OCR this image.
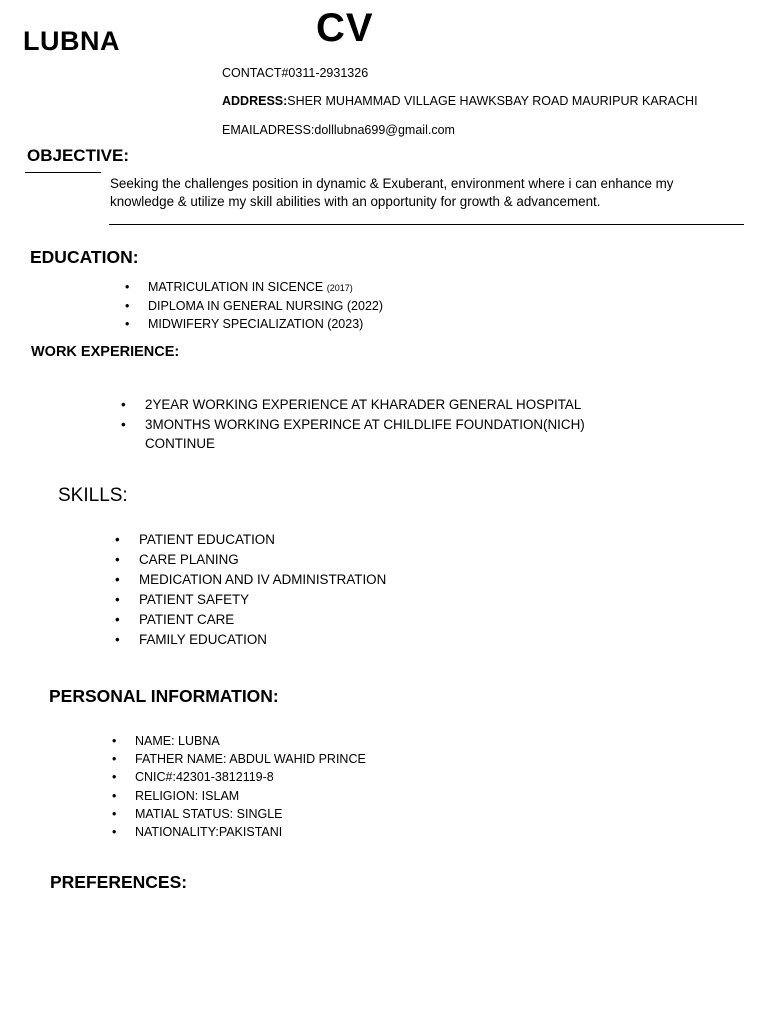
LUBNA	CV
CONTACT#0311-2931326
ADDRESS:SHER MUHAMMAD VILLAGE HAWKSBAY ROAD MAURIPUR KARACHI
EMAILADRESS:dolllubna699@gmail.com
OBJECTIVE:
Seeking the challenges position in dynamic & Exuberant, environment where i can enhance my knowledge & utilize my skill abilities with an opportunity for growth & advancement.
EDUCATION:
• MATRICULATION IN SICENCE (2017)
• DIPLOMA IN GENERAL NURSING (2022)
• MIDWIFERY SPECIALIZATION (2023)
WORK EXPERIENCE:
• 2YEAR WORKING EXPERIENCE AT KHARADER GENERAL HOSPITAL
• 3MONTHS WORKING EXPERINCE AT CHILDLIFE FOUNDATION(NICH)
CONTINUE
SKILLS:
• PATIENT EDUCATION
• CARE PLANING
• MEDICATION AND IV ADMINISTRATION
• PATIENT SAFETY
• PATIENT CARE
• FAMILY EDUCATION
PERSONAL INFORMATION:
• NAME: LUBNA
• FATHER NAME: ABDUL WAHID PRINCE
• CNIC#:42301-3812119-8
• RELIGION: ISLAM
• MATIAL STATUS: SINGLE
• NATIONALITY:PAKISTANI
PREFERENCES:
